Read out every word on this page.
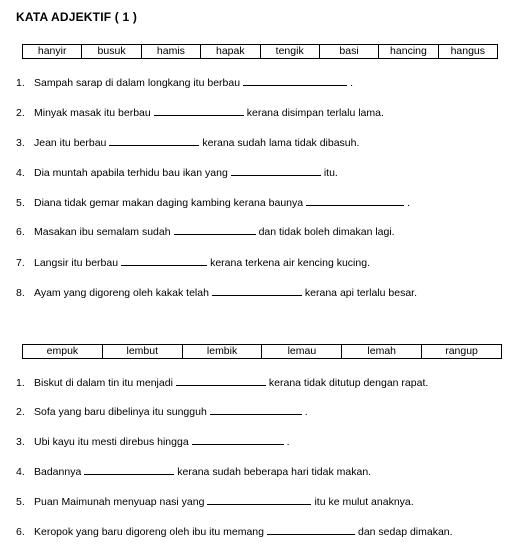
KATA ADJEKTIF ( 1 )
hanyir	busuk	hamis	hapak	tengik	basi	hancing	hangus
1. Sampah sarap di dalam longkang itu berbau	.
2. Minyak masak itu berbau	kerana disimpan terlalu lama.
3. Jean itu berbau	kerana sudah lama tidak dibasuh.
4. Dia muntah apabila terhidu bau ikan yang	itu.
5. Diana tidak gemar makan daging kambing kerana baunya	.
6. Masakan ibu semalam sudah	dan tidak boleh dimakan lagi.
7. Langsir itu berbau	kerana terkena air kencing kucing.
8. Ayam yang digoreng oleh kakak telah	kerana api terlalu besar.
empuk	lembut	lembik	lemau	lemah	rangup
1. Biskut di dalam tin itu menjadi	kerana tidak ditutup dengan rapat.
2. Sofa yang baru dibelinya itu sungguh	.
3. Ubi kayu itu mesti direbus hingga	.
4. Badannya	kerana sudah beberapa hari tidak makan.
5. Puan Maimunah menyuap nasi yang	itu ke mulut anaknya.
6. Keropok yang baru digoreng oleh ibu itu memang	dan sedap dimakan.
